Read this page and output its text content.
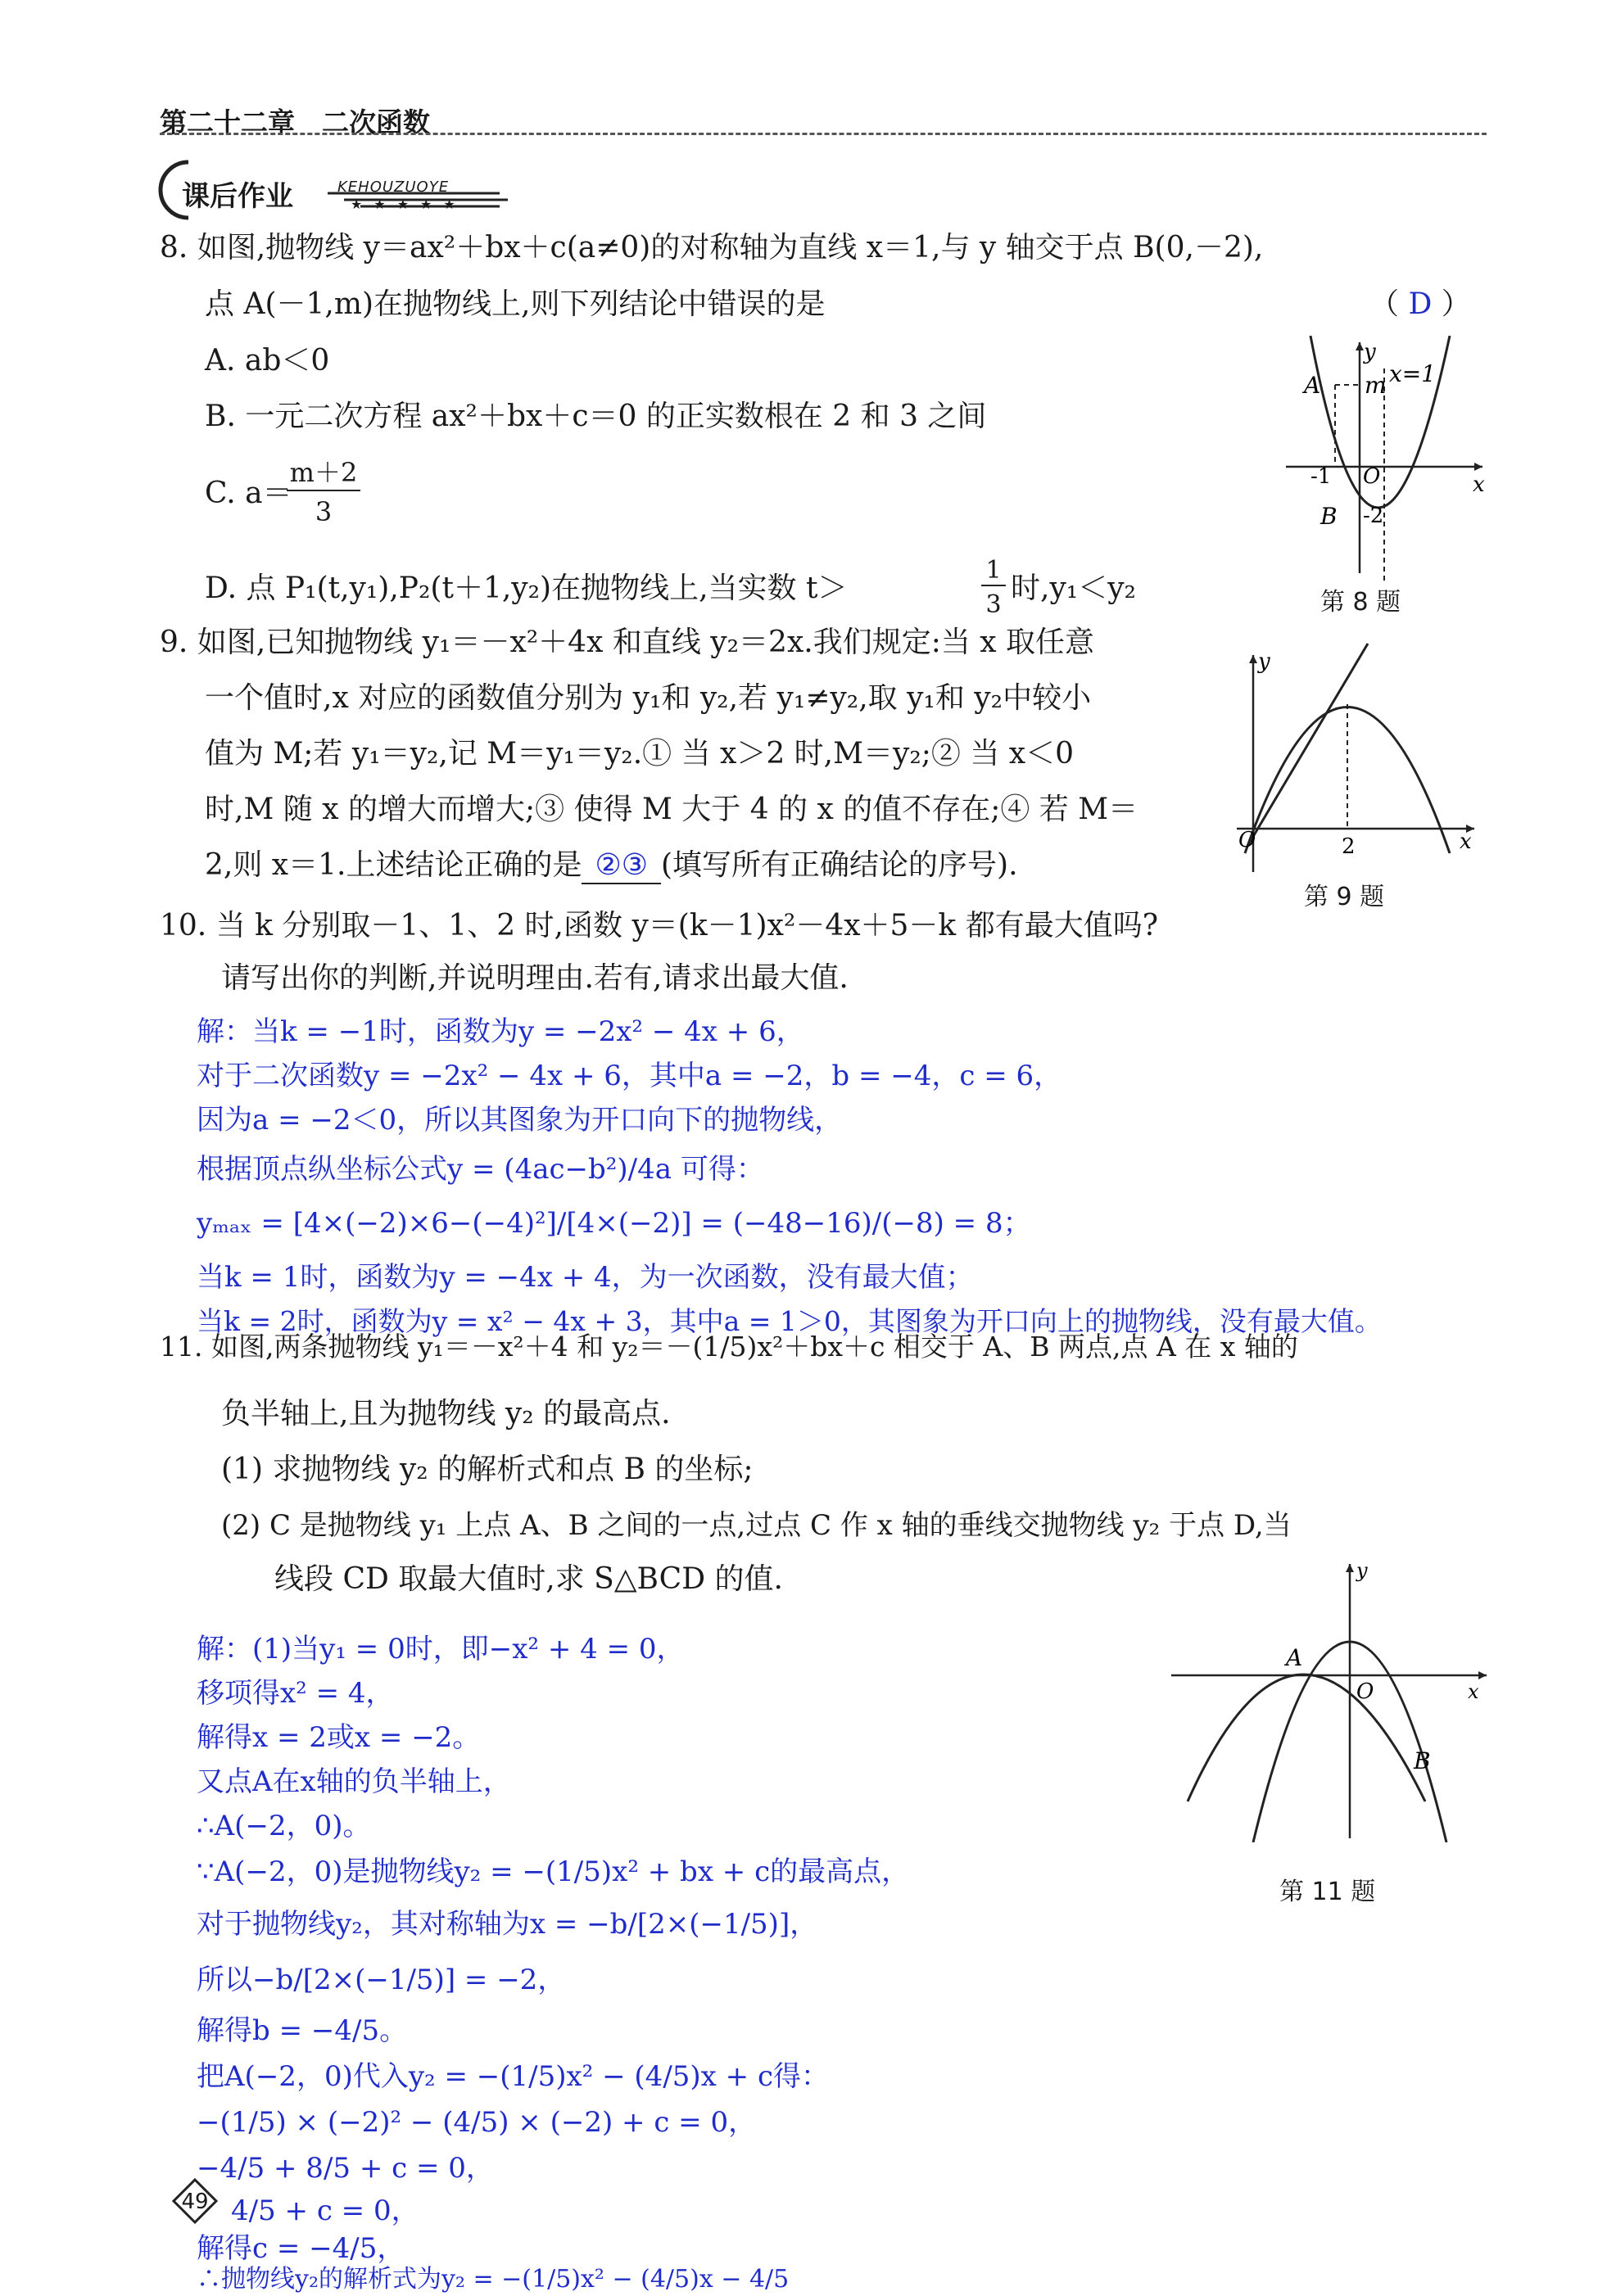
第二十二章　二次函数
课后作业	KEHOUZUOYE
★★★★★
8. 如图,抛物线 y＝ax²＋bx＋c(a≠0)的对称轴为直线 x＝1,与 y 轴交于点 B(0,－2),
点 A(－1,m)在抛物线上,则下列结论中错误的是	（ D ）
A. ab＜0
B. 一元二次方程 ax²＋bx＋c＝0 的正实数根在 2 和 3 之间
C. a＝
m＋2
3
D. 点 P₁(t,y₁),P₂(t＋1,y₂)在抛物线上,当实数 t＞
1
3 时,y₁＜y₂
y
x
A m x=1
-1 O
B -2
第 8 题
9. 如图,已知抛物线 y₁＝－x²＋4x 和直线 y₂＝2x.我们规定:当 x 取任意
一个值时,x 对应的函数值分别为 y₁和 y₂,若 y₁≠y₂,取 y₁和 y₂中较小
值为 M;若 y₁＝y₂,记 M＝y₁＝y₂.① 当 x＞2 时,M＝y₂;② 当 x＜0
时,M 随 x 的增大而增大;③ 使得 M 大于 4 的 x 的值不存在;④ 若 M＝
2,则 x＝1.上述结论正确的是 ②③ (填写所有正确结论的序号).
y
O	2	x
第 9 题
10. 当 k 分别取－1、1、2 时,函数 y＝(k－1)x²－4x＋5－k 都有最大值吗?
请写出你的判断,并说明理由.若有,请求出最大值.
解：当k = −1时，函数为y = −2x² − 4x + 6，
对于二次函数y = −2x² − 4x + 6，其中a = −2，b = −4，c = 6，
因为a = −2＜0，所以其图象为开口向下的抛物线，
根据顶点纵坐标公式y = (4ac−b²)/4a 可得：
yₘₐₓ = [4×(−2)×6−(−4)²]/[4×(−2)] = (−48−16)/(−8) = 8；
当k = 1时，函数为y = −4x + 4，为一次函数，没有最大值；
当k = 2时，函数为y = x² − 4x + 3，其中a = 1＞0，其图象为开口向上的抛物线，没有最大值。
11. 如图,两条抛物线 y₁＝－x²＋4 和 y₂＝－(1/5)x²＋bx＋c 相交于 A、B 两点,点 A 在 x 轴的
负半轴上,且为抛物线 y₂ 的最高点.
(1) 求抛物线 y₂ 的解析式和点 B 的坐标;
(2) C 是抛物线 y₁ 上点 A、B 之间的一点,过点 C 作 x 轴的垂线交抛物线 y₂ 于点 D,当
线段 CD 取最大值时,求 S△BCD 的值.	y
A
O	x
B
第 11 题
解：(1)当y₁ = 0时，即−x² + 4 = 0，
移项得x² = 4，
解得x = 2或x = −2。
又点A在x轴的负半轴上，
∴A(−2，0)。
∵A(−2，0)是抛物线y₂ = −(1/5)x² + bx + c的最高点，
对于抛物线y₂，其对称轴为x = −b/[2×(−1/5)]，
所以−b/[2×(−1/5)] = −2，
解得b = −4/5。
把A(−2，0)代入y₂ = −(1/5)x² − (4/5)x + c得：
−(1/5) × (−2)² − (4/5) × (−2) + c = 0，
−4/5 + 8/5 + c = 0，
4/5 + c = 0，
解得c = −4/5，
∴抛物线y₂的解析式为y₂ = −(1/5)x² − (4/5)x − 4/5
49
